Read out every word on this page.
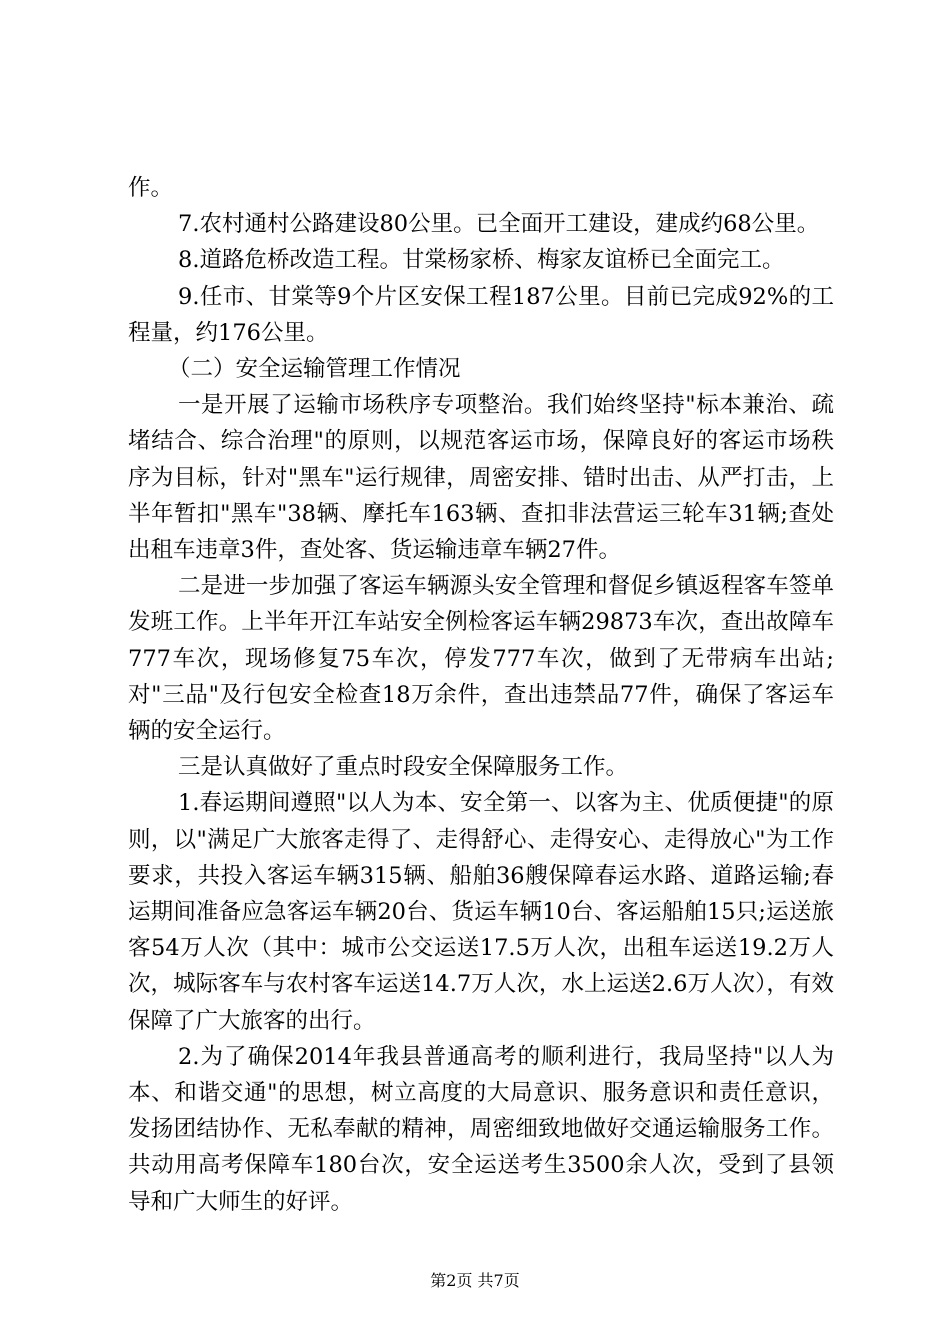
作。

7.农村通村公路建设80公里。已全面开工建设，建成约68公里。

8.道路危桥改造工程。甘棠杨家桥、梅家友谊桥已全面完工。

9.任市、甘棠等9个片区安保工程187公里。目前已完成92%的工程量，约176公里。

（二）安全运输管理工作情况

一是开展了运输市场秩序专项整治。我们始终坚持"标本兼治、疏堵结合、综合治理"的原则，以规范客运市场，保障良好的客运市场秩序为目标，针对"黑车"运行规律，周密安排、错时出击、从严打击，上半年暂扣"黑车"38辆、摩托车163辆、查扣非法营运三轮车31辆;查处出租车违章3件，查处客、货运输违章车辆27件。

二是进一步加强了客运车辆源头安全管理和督促乡镇返程客车签单发班工作。上半年开江车站安全例检客运车辆29873车次，查出故障车777车次，现场修复75车次，停发777车次，做到了无带病车出站;对"三品"及行包安全检查18万余件，查出违禁品77件，确保了客运车辆的安全运行。

三是认真做好了重点时段安全保障服务工作。

1.春运期间遵照"以人为本、安全第一、以客为主、优质便捷"的原则，以"满足广大旅客走得了、走得舒心、走得安心、走得放心"为工作要求，共投入客运车辆315辆、船舶36艘保障春运水路、道路运输;春运期间准备应急客运车辆20台、货运车辆10台、客运船舶15只;运送旅客54万人次（其中：城市公交运送17.5万人次，出租车运送19.2万人次，城际客车与农村客车运送14.7万人次，水上运送2.6万人次），有效保障了广大旅客的出行。

2.为了确保2014年我县普通高考的顺利进行，我局坚持"以人为本、和谐交通"的思想，树立高度的大局意识、服务意识和责任意识，发扬团结协作、无私奉献的精神，周密细致地做好交通运输服务工作。共动用高考保障车180台次，安全运送考生3500余人次，受到了县领导和广大师生的好评。

第2页 共7页
